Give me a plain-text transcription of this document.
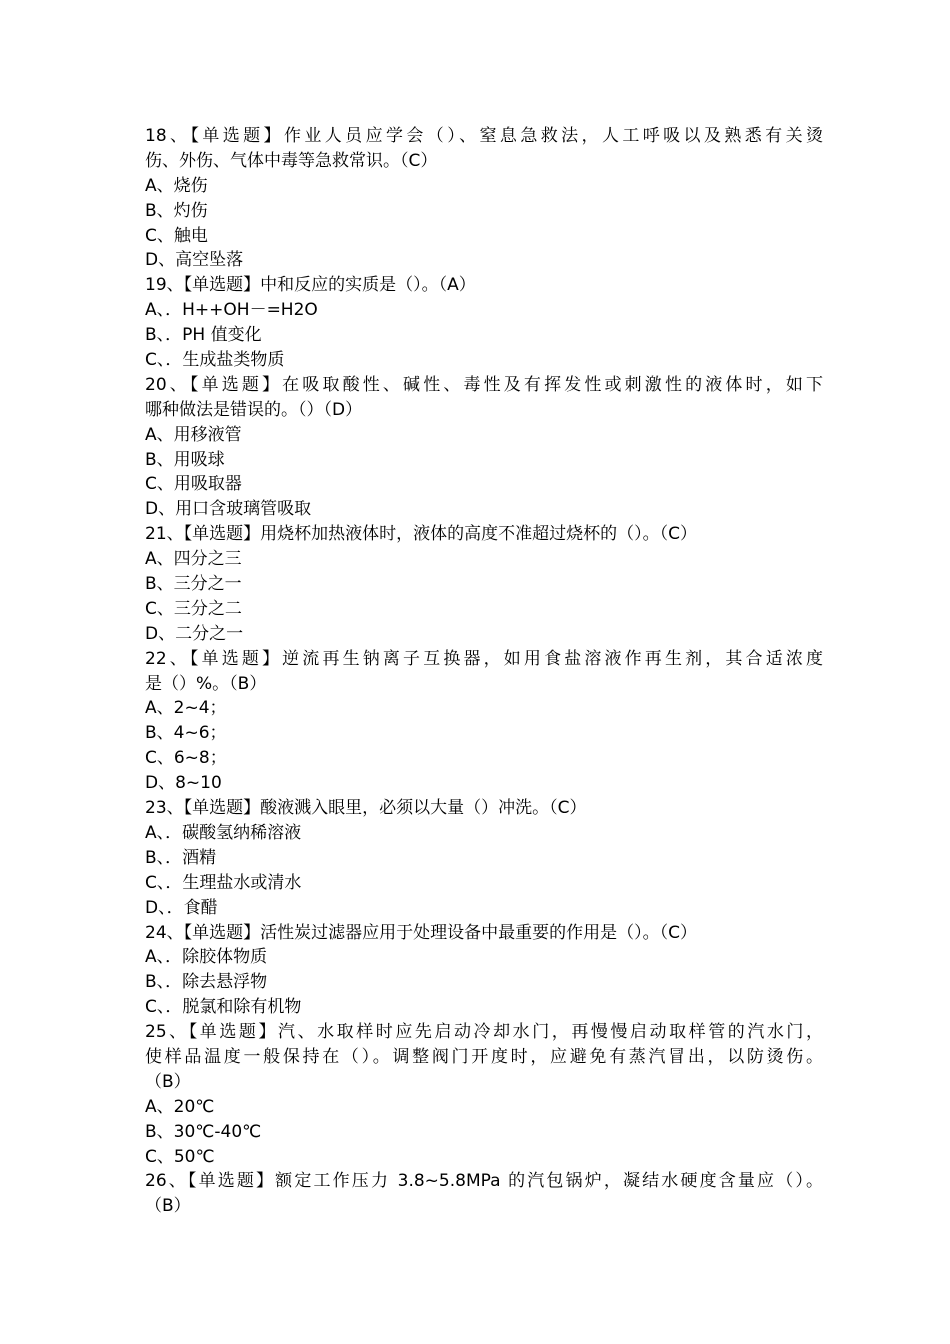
18、【单选题】作业人员应学会（）、窒息急救法，人工呼吸以及熟悉有关烫
伤、外伤、气体中毒等急救常识。（C）
A、烧伤
B、灼伤
C、触电
D、高空坠落
19、【单选题】中和反应的实质是（）。（A）
A、．H++OH－=H2O
B、．PH 值变化
C、．生成盐类物质
20、【单选题】在吸取酸性、碱性、毒性及有挥发性或刺激性的液体时，如下
哪种做法是错误的。（）（D）
A、用移液管
B、用吸球
C、用吸取器
D、用口含玻璃管吸取
21、【单选题】用烧杯加热液体时，液体的高度不准超过烧杯的（）。（C）
A、四分之三
B、三分之一
C、三分之二
D、二分之一
22、【单选题】逆流再生钠离子互换器，如用食盐溶液作再生剂，其合适浓度
是（）%。（B）
A、2~4；
B、4~6；
C、6~8；
D、8~10
23、【单选题】酸液溅入眼里，必须以大量（）冲洗。（C）
A、．碳酸氢纳稀溶液
B、．酒精
C、．生理盐水或清水
D、．食醋
24、【单选题】活性炭过滤器应用于处理设备中最重要的作用是（）。（C）
A、．除胶体物质
B、．除去悬浮物
C、．脱氯和除有机物
25、【单选题】汽、水取样时应先启动冷却水门，再慢慢启动取样管的汽水门，
使样品温度一般保持在（）。调整阀门开度时，应避免有蒸汽冒出，以防烫伤。
（B）
A、20℃
B、30℃-40℃
C、50℃
26、【单选题】额定工作压力 3.8~5.8MPa 的汽包锅炉，凝结水硬度含量应（）。
（B）
